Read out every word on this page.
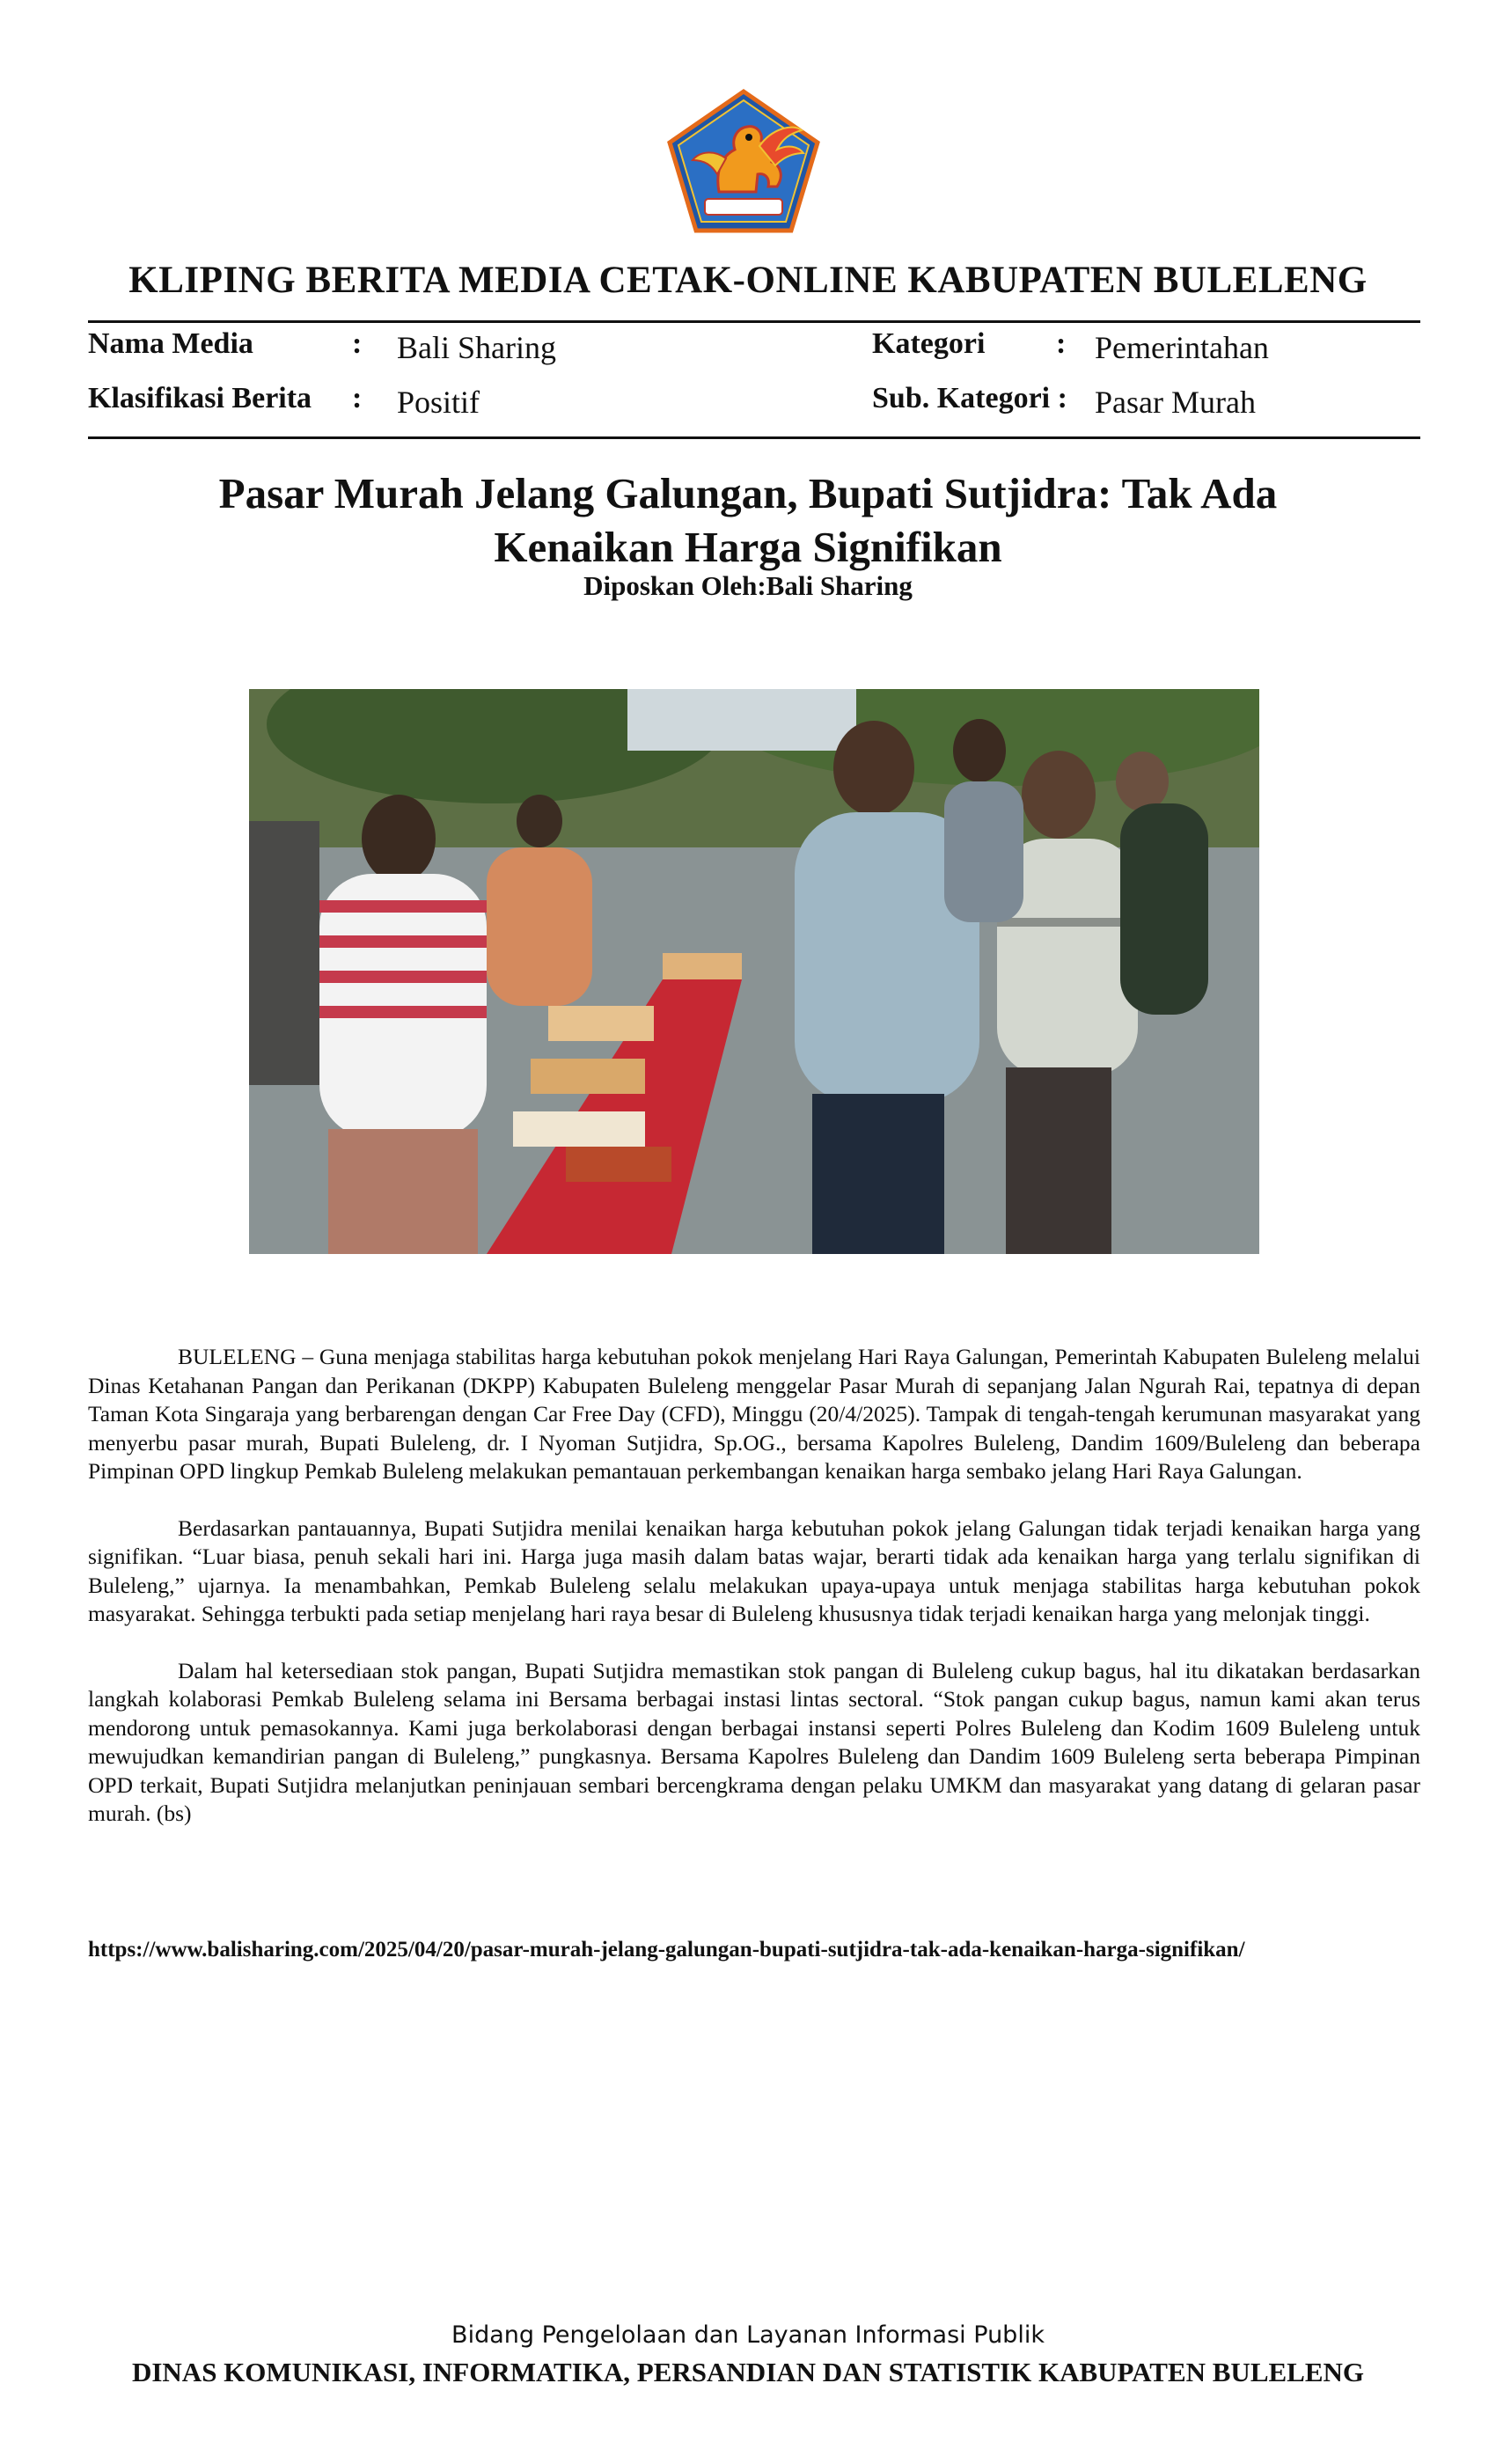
KLIPING BERITA MEDIA CETAK-ONLINE KABUPATEN BULELENG
Nama Media	: Bali Sharing	Kategori : Pemerintahan
Klasifikasi Berita : Positif	Sub. Kategori : Pasar Murah
Pasar Murah Jelang Galungan, Bupati Sutjidra: Tak Ada
Kenaikan Harga Signifikan
Diposkan Oleh:Bali Sharing

BULELENG – Guna menjaga stabilitas harga kebutuhan pokok menjelang Hari Raya Galungan, Pemerintah Kabupaten Buleleng melalui Dinas Ketahanan Pangan dan Perikanan (DKPP) Kabupaten Buleleng menggelar Pasar Murah di sepanjang Jalan Ngurah Rai, tepatnya di depan Taman Kota Singaraja yang berbarengan dengan Car Free Day (CFD), Minggu (20/4/2025). Tampak di tengah-tengah kerumunan masyarakat yang menyerbu pasar murah, Bupati Buleleng, dr. I Nyoman Sutjidra, Sp.OG., bersama Kapolres Buleleng, Dandim 1609/Buleleng dan beberapa Pimpinan OPD lingkup Pemkab Buleleng melakukan pemantauan perkembangan kenaikan harga sembako jelang Hari Raya Galungan.

Berdasarkan pantauannya, Bupati Sutjidra menilai kenaikan harga kebutuhan pokok jelang Galungan tidak terjadi kenaikan harga yang signifikan. “Luar biasa, penuh sekali hari ini. Harga juga masih dalam batas wajar, berarti tidak ada kenaikan harga yang terlalu signifikan di Buleleng,” ujarnya. Ia menambahkan, Pemkab Buleleng selalu melakukan upaya-upaya untuk menjaga stabilitas harga kebutuhan pokok masyarakat. Sehingga terbukti pada setiap menjelang hari raya besar di Buleleng khususnya tidak terjadi kenaikan harga yang melonjak tinggi.

Dalam hal ketersediaan stok pangan, Bupati Sutjidra memastikan stok pangan di Buleleng cukup bagus, hal itu dikatakan berdasarkan langkah kolaborasi Pemkab Buleleng selama ini Bersama berbagai instasi lintas sectoral. “Stok pangan cukup bagus, namun kami akan terus mendorong untuk pemasokannya. Kami juga berkolaborasi dengan berbagai instansi seperti Polres Buleleng dan Kodim 1609 Buleleng untuk mewujudkan kemandirian pangan di Buleleng,” pungkasnya. Bersama Kapolres Buleleng dan Dandim 1609 Buleleng serta beberapa Pimpinan OPD terkait, Bupati Sutjidra melanjutkan peninjauan sembari bercengkrama dengan pelaku UMKM dan masyarakat yang datang di gelaran pasar murah. (bs)

https://www.balisharing.com/2025/04/20/pasar-murah-jelang-galungan-bupati-sutjidra-tak-ada-kenaikan-harga-signifikan/
Bidang Pengelolaan dan Layanan Informasi Publik
DINAS KOMUNIKASI, INFORMATIKA, PERSANDIAN DAN STATISTIK KABUPATEN BULELENG
